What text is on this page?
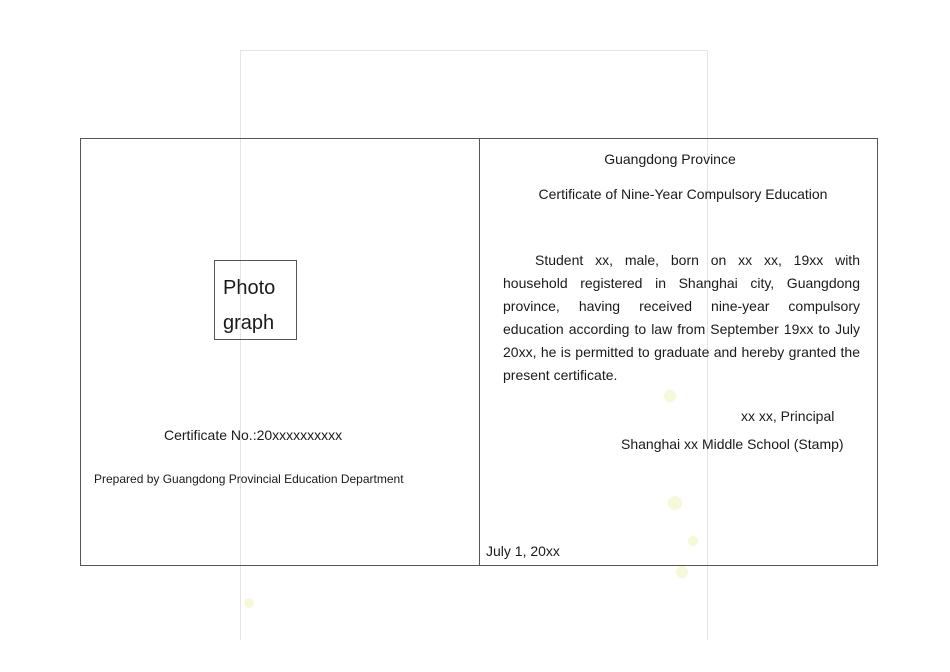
Photo
graph
Certificate No.:20xxxxxxxxxx
Prepared by Guangdong Provincial Education Department
Guangdong Province
Certificate of Nine-Year Compulsory Education
Student xx, male, born on xx xx, 19xx with household registered in Shanghai city, Guangdong province, having received nine-year compulsory education according to law from September 19xx to July 20xx, he is permitted to graduate and hereby granted the present certificate.
xx xx, Principal
Shanghai xx Middle School (Stamp)
July 1, 20xx
